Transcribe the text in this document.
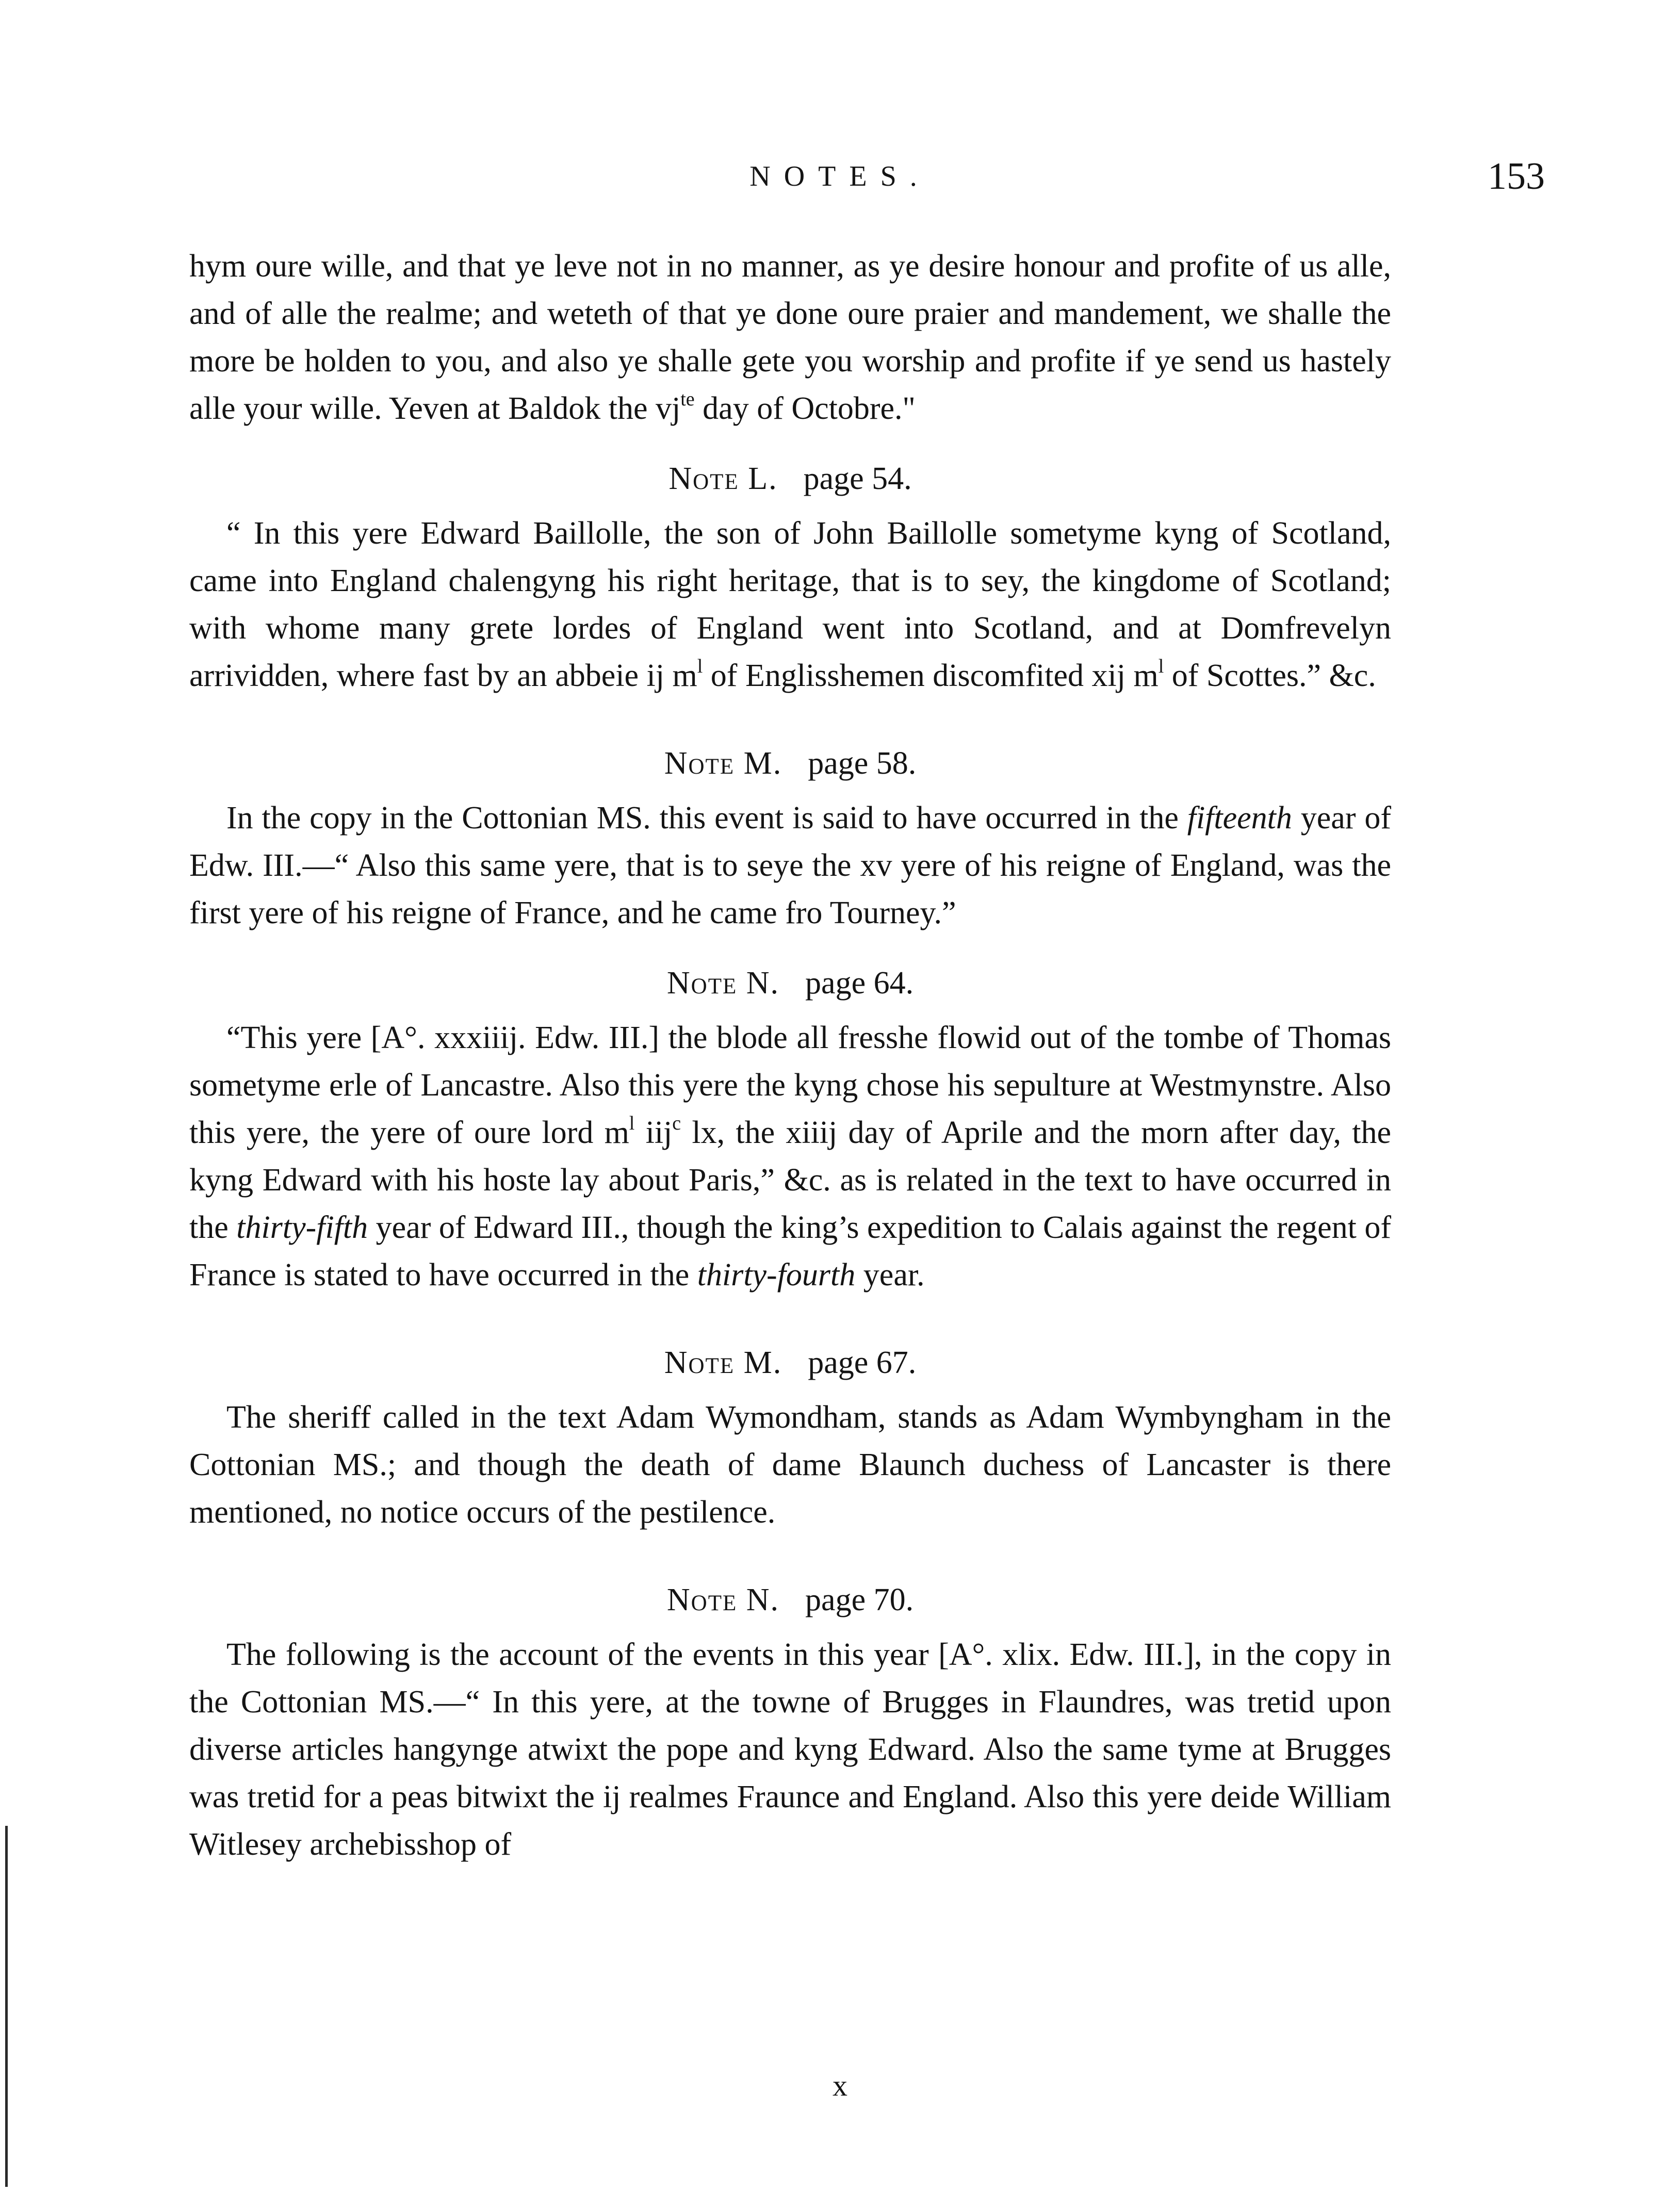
NOTES.	153

hym oure wille, and that ye leve not in no manner, as ye desire honour and profite of us alle, and of alle the realme; and weteth of that ye done oure praier and mandement, we shalle the more be holden to you, and also ye shalle gete you worship and profite if ye send us hastely alle your wille. Yeven at Baldok the $vj^{te}$ day of Octobre."

Note L. page 54.

“ In this yere Edward Baillolle, the son of John Baillolle sometyme kyng of Scotland, came into England chalengyng his right heritage, that is to sey, the kingdome of Scotland; with whome many grete lordes of England went into Scotland, and at Domfrevelyn arrividden, where fast by an abbeie ij $m^l$ of Englisshemen discomfited xij $m^l$ of Scottes.” &c.

Note M. page 58.

In the copy in the Cottonian MS. this event is said to have occurred in the fifteenth year of Edw. III.—“ Also this same yere, that is to seye the xv yere of his reigne of England, was the first yere of his reigne of France, and he came fro Tourney.”

Note N. page 64.

“This yere [A°. xxxiiij. Edw. III.] the blode all fresshe flowid out of the tombe of Thomas sometyme erle of Lancastre. Also this yere the kyng chose his sepulture at Westmynstre. Also this yere, the yere of oure lord $m^l$ iij$^c$ lx, the xiiij day of Aprile and the morn after day, the kyng Edward with his hoste lay about Paris,” &c. as is related in the text to have occurred in the thirty-fifth year of Edward III., though the king’s expedition to Calais against the regent of France is stated to have occurred in the thirty-fourth year.

Note M. page 67.

The sheriff called in the text Adam Wymondham, stands as Adam Wymbyngham in the Cottonian MS.; and though the death of dame Blaunch duchess of Lancaster is there mentioned, no notice occurs of the pestilence.

Note N. page 70.

The following is the account of the events in this year [A°. xlix. Edw. III.], in the copy in the Cottonian MS.—“ In this yere, at the towne of Brugges in Flaundres, was tretid upon diverse articles hangynge atwixt the pope and kyng Edward. Also the same tyme at Brugges was tretid for a peas bitwixt the ij realmes Fraunce and England. Also this yere deide William Witlesey archebisshop of

x
